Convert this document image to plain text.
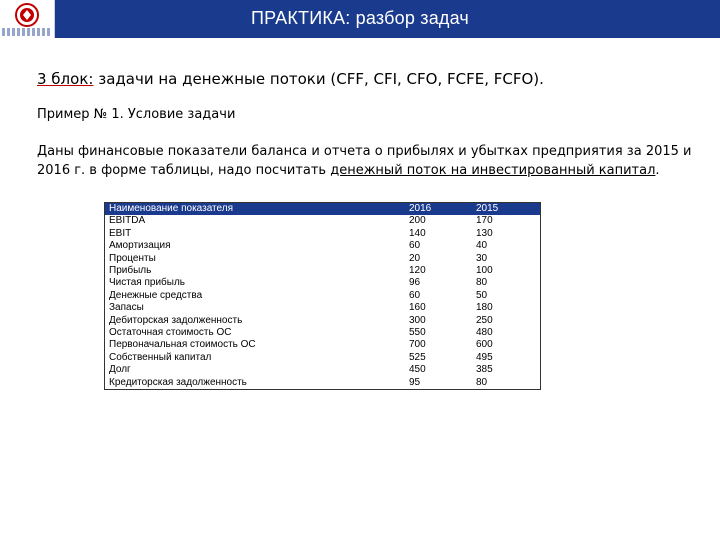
ПРАКТИКА: разбор задач
3 блок: задачи на денежные потоки (CFF, CFI, CFO, FCFE, FCFO).
Пример № 1. Условие задачи
Даны финансовые показатели баланса и отчета о прибылях и убытках предприятия за 2015 и 2016 г. в форме таблицы, надо посчитать денежный поток на инвестированный капитал.
Наименование показателя	2016	2015
EBITDA	200	170
EBIT	140	130
Амортизация	60	40
Проценты	20	30
Прибыль	120	100
Чистая прибыль	96	80
Денежные средства	60	50
Запасы	160	180
Дебиторская задолженность	300	250
Остаточная стоимость ОС	550	480
Первоначальная стоимость ОС	700	600
Собственный капитал	525	495
Долг	450	385
Кредиторская задолженность	95	80
